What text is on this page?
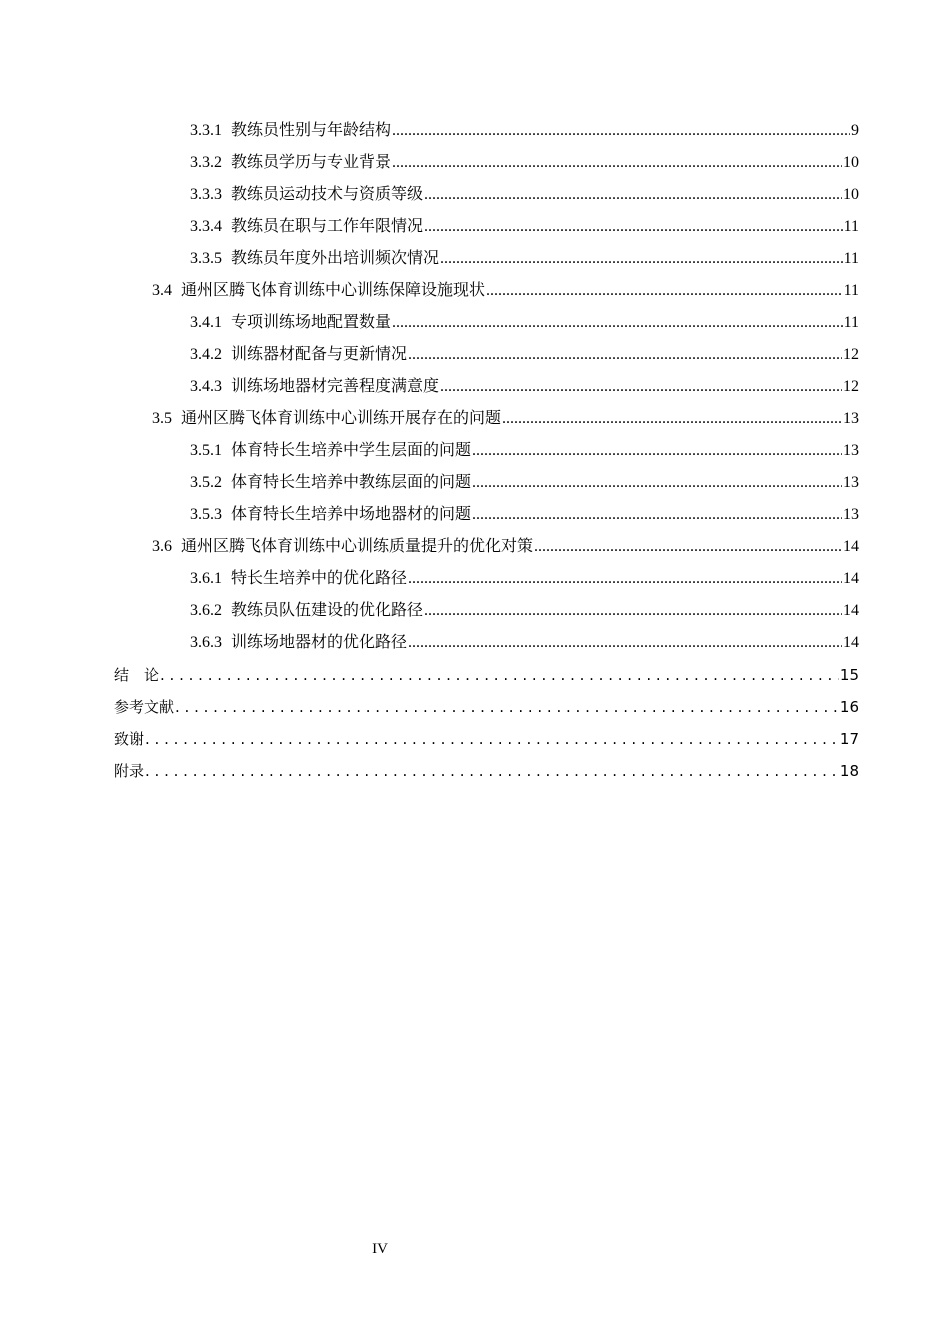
3.3.1 教练员性别与年龄结构 .....	9
3.3.2 教练员学历与专业背景 .....	10
3.3.3 教练员运动技术与资质等级 .....	10
3.3.4 教练员在职与工作年限情况 .....	11
3.3.5 教练员年度外出培训频次情况 .....	11
3.4 通州区腾飞体育训练中心训练保障设施现状 .....	11
3.4.1 专项训练场地配置数量 .....	11
3.4.2 训练器材配备与更新情况 .....	12
3.4.3 训练场地器材完善程度满意度 .....	12
3.5 通州区腾飞体育训练中心训练开展存在的问题 .....	13
3.5.1 体育特长生培养中学生层面的问题 .....	13
3.5.2 体育特长生培养中教练层面的问题 .....	13
3.5.3 体育特长生培养中场地器材的问题 .....	13
3.6 通州区腾飞体育训练中心训练质量提升的优化对策 .....	14
3.6.1 特长生培养中的优化路径 .....	14
3.6.2 教练员队伍建设的优化路径 .....	14
3.6.3 训练场地器材的优化路径 .....	14
结　论 . . .	15
参考文献 . . .	16
致谢 . . .	17
附录 . . .	18
IV
